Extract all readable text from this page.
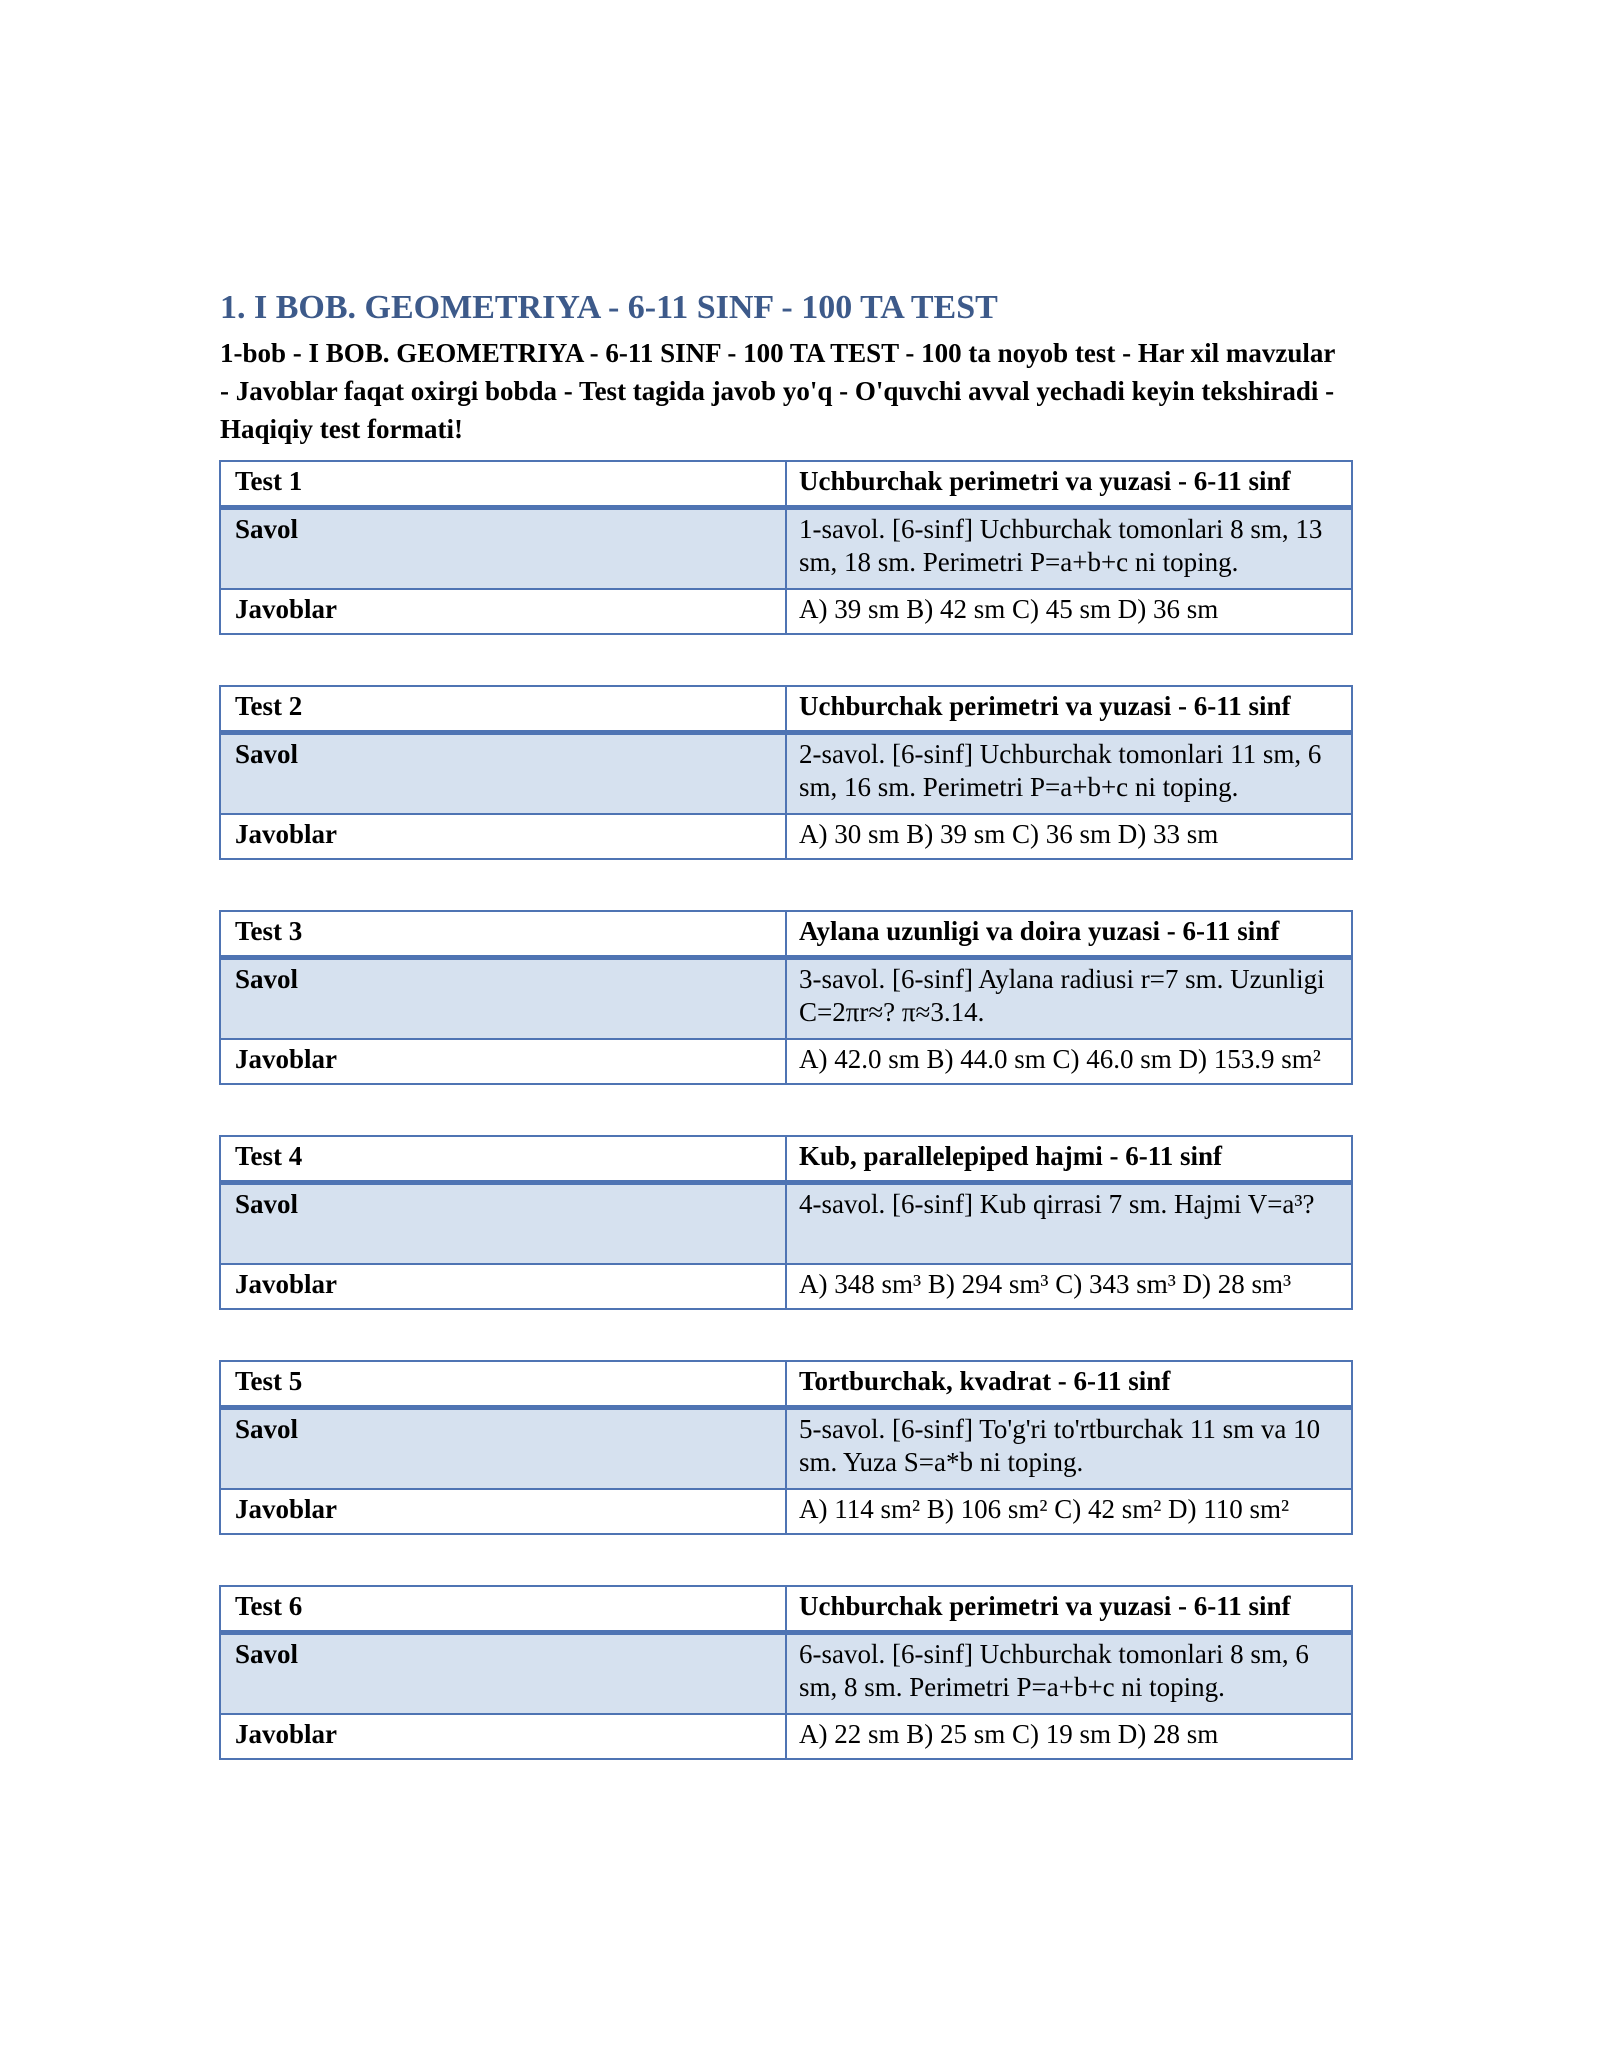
1. I BOB. GEOMETRIYA - 6-11 SINF - 100 TA TEST

1-bob - I BOB. GEOMETRIYA - 6-11 SINF - 100 TA TEST - 100 ta noyob test - Har xil mavzular - Javoblar faqat oxirgi bobda - Test tagida javob yo'q - O'quvchi avval yechadi keyin tekshiradi - Haqiqiy test formati!

Test 1	Uchburchak perimetri va yuzasi - 6-11 sinf
Savol	1-savol. [6-sinf] Uchburchak tomonlari 8 sm, 13 sm, 18 sm. Perimetri P=a+b+c ni toping.
Javoblar	A) 39 sm B) 42 sm C) 45 sm D) 36 sm
Test 2	Uchburchak perimetri va yuzasi - 6-11 sinf
Savol	2-savol. [6-sinf] Uchburchak tomonlari 11 sm, 6 sm, 16 sm. Perimetri P=a+b+c ni toping.
Javoblar	A) 30 sm B) 39 sm C) 36 sm D) 33 sm
Test 3	Aylana uzunligi va doira yuzasi - 6-11 sinf
Savol	3-savol. [6-sinf] Aylana radiusi r=7 sm. Uzunligi C=2πr≈? π≈3.14.
Javoblar	A) 42.0 sm B) 44.0 sm C) 46.0 sm D) 153.9 sm²
Test 4	Kub, parallelepiped hajmi - 6-11 sinf
Savol	4-savol. [6-sinf] Kub qirrasi 7 sm. Hajmi V=a³?
Javoblar	A) 348 sm³ B) 294 sm³ C) 343 sm³ D) 28 sm³
Test 5	Tortburchak, kvadrat - 6-11 sinf
Savol	5-savol. [6-sinf] To'g'ri to'rtburchak 11 sm va 10 sm. Yuza S=a*b ni toping.
Javoblar	A) 114 sm² B) 106 sm² C) 42 sm² D) 110 sm²
Test 6	Uchburchak perimetri va yuzasi - 6-11 sinf
Savol	6-savol. [6-sinf] Uchburchak tomonlari 8 sm, 6 sm, 8 sm. Perimetri P=a+b+c ni toping.
Javoblar	A) 22 sm B) 25 sm C) 19 sm D) 28 sm
